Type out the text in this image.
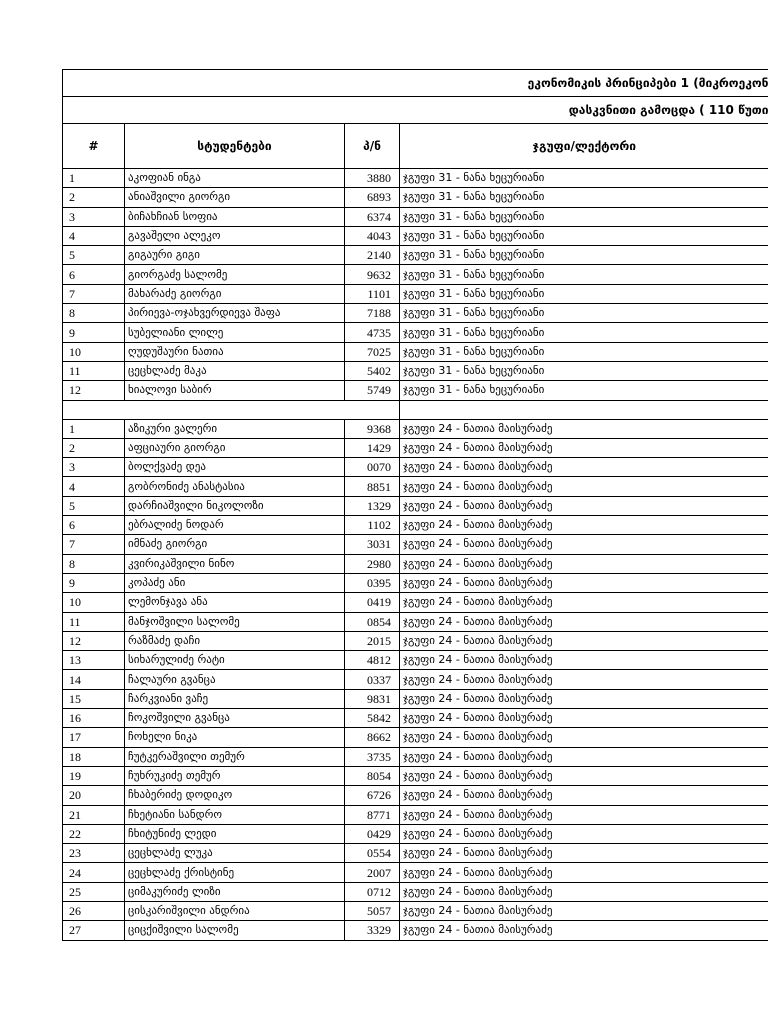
ეკონომიკის პრინციპები 1 (მიკროეკონ			
დასკვნითი გამოცდა ( 110 წუთი			
#	სტუდენტები	პ/ნ	ჯგუფი/ლექტორი
1	აკოფიან ინგა	3880	ჯგუფი 31 - ნანა ხეცურიანი
2	ანიაშვილი გიორგი	6893	ჯგუფი 31 - ნანა ხეცურიანი
3	ბიჩახჩიან სოფია	6374	ჯგუფი 31 - ნანა ხეცურიანი
4	გავაშელი ალეკო	4043	ჯგუფი 31 - ნანა ხეცურიანი
5	გიგაური გიგი	2140	ჯგუფი 31 - ნანა ხეცურიანი
6	გიორგაძე სალომე	9632	ჯგუფი 31 - ნანა ხეცურიანი
7	მახარაძე გიორგი	1101	ჯგუფი 31 - ნანა ხეცურიანი
8	პირიევა-ოჯახვერდიევა შაფა	7188	ჯგუფი 31 - ნანა ხეცურიანი
9	სუბელიანი ლილე	4735	ჯგუფი 31 - ნანა ხეცურიანი
10	ღუდუშაური ნათია	7025	ჯგუფი 31 - ნანა ხეცურიანი
11	ცეცხლაძე მაკა	5402	ჯგუფი 31 - ნანა ხეცურიანი
12	ხიალოვი საბირ	5749	ჯგუფი 31 - ნანა ხეცურიანი

1	აზიკური ვალერი	9368	ჯგუფი 24 - ნათია მაისურაძე
2	აფციაური გიორგი	1429	ჯგუფი 24 - ნათია მაისურაძე
3	ბოლქვაძე დეა	0070	ჯგუფი 24 - ნათია მაისურაძე
4	გობრონიძე ანასტასია	8851	ჯგუფი 24 - ნათია მაისურაძე
5	დარჩიაშვილი ნიკოლოზი	1329	ჯგუფი 24 - ნათია მაისურაძე
6	ებრალიძე ნოდარ	1102	ჯგუფი 24 - ნათია მაისურაძე
7	იმნაძე გიორგი	3031	ჯგუფი 24 - ნათია მაისურაძე
8	კვირიკაშვილი ნინო	2980	ჯგუფი 24 - ნათია მაისურაძე
9	კოპაძე ანი	0395	ჯგუფი 24 - ნათია მაისურაძე
10	ლემონჯავა ანა	0419	ჯგუფი 24 - ნათია მაისურაძე
11	მანჯოშვილი სალომე	0854	ჯგუფი 24 - ნათია მაისურაძე
12	რაზმაძე დაჩი	2015	ჯგუფი 24 - ნათია მაისურაძე
13	სიხარულიძე რატი	4812	ჯგუფი 24 - ნათია მაისურაძე
14	ჩალაური გვანცა	0337	ჯგუფი 24 - ნათია მაისურაძე
15	ჩარკვიანი ვაჩე	9831	ჯგუფი 24 - ნათია მაისურაძე
16	ჩოკოშვილი გვანცა	5842	ჯგუფი 24 - ნათია მაისურაძე
17	ჩოხელი ნიკა	8662	ჯგუფი 24 - ნათია მაისურაძე
18	ჩუტკერაშვილი თემურ	3735	ჯგუფი 24 - ნათია მაისურაძე
19	ჩუხრუკიძე თემურ	8054	ჯგუფი 24 - ნათია მაისურაძე
20	ჩხაბერიძე დოდიკო	6726	ჯგუფი 24 - ნათია მაისურაძე
21	ჩხეტიანი სანდრო	8771	ჯგუფი 24 - ნათია მაისურაძე
22	ჩხიტუნიძე ლედი	0429	ჯგუფი 24 - ნათია მაისურაძე
23	ცეცხლაძე ლუკა	0554	ჯგუფი 24 - ნათია მაისურაძე
24	ცეცხლაძე ქრისტინე	2007	ჯგუფი 24 - ნათია მაისურაძე
25	ციმაკურიძე ლიზი	0712	ჯგუფი 24 - ნათია მაისურაძე
26	ცისკარიშვილი ანდრია	5057	ჯგუფი 24 - ნათია მაისურაძე
27	ციცქიშვილი სალომე	3329	ჯგუფი 24 - ნათია მაისურაძე
